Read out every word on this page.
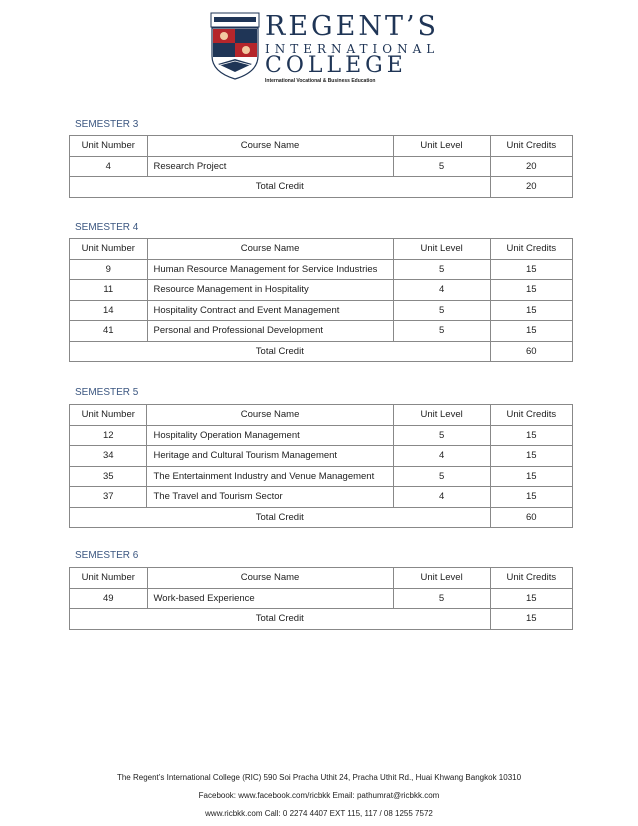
REGENT’S
INTERNATIONAL
COLLEGE
International Vocational & Business Education
SEMESTER 3
Unit Number	Course Name	Unit Level	Unit Credits
4	Research Project	5	20
Total Credit			20
SEMESTER 4
Unit Number	Course Name	Unit Level	Unit Credits
9	Human Resource Management for Service Industries	5	15
11	Resource Management in Hospitality	4	15
14	Hospitality Contract and Event Management	5	15
41	Personal and Professional Development	5	15
Total Credit			60
SEMESTER 5
Unit Number	Course Name	Unit Level	Unit Credits
12	Hospitality Operation Management	5	15
34	Heritage and Cultural Tourism Management	4	15
35	The Entertainment Industry and Venue Management	5	15
37	The Travel and Tourism Sector	4	15
Total Credit			60
SEMESTER 6
Unit Number	Course Name	Unit Level	Unit Credits
49	Work-based Experience	5	15
Total Credit			15
The Regent’s International College (RIC) 590 Soi Pracha Uthit 24, Pracha Uthit Rd., Huai Khwang Bangkok 10310
Facebook: www.facebook.com/ricbkk Email: pathumrat@ricbkk.com
www.ricbkk.com Call: 0 2274 4407 EXT 115, 117 / 08 1255 7572
